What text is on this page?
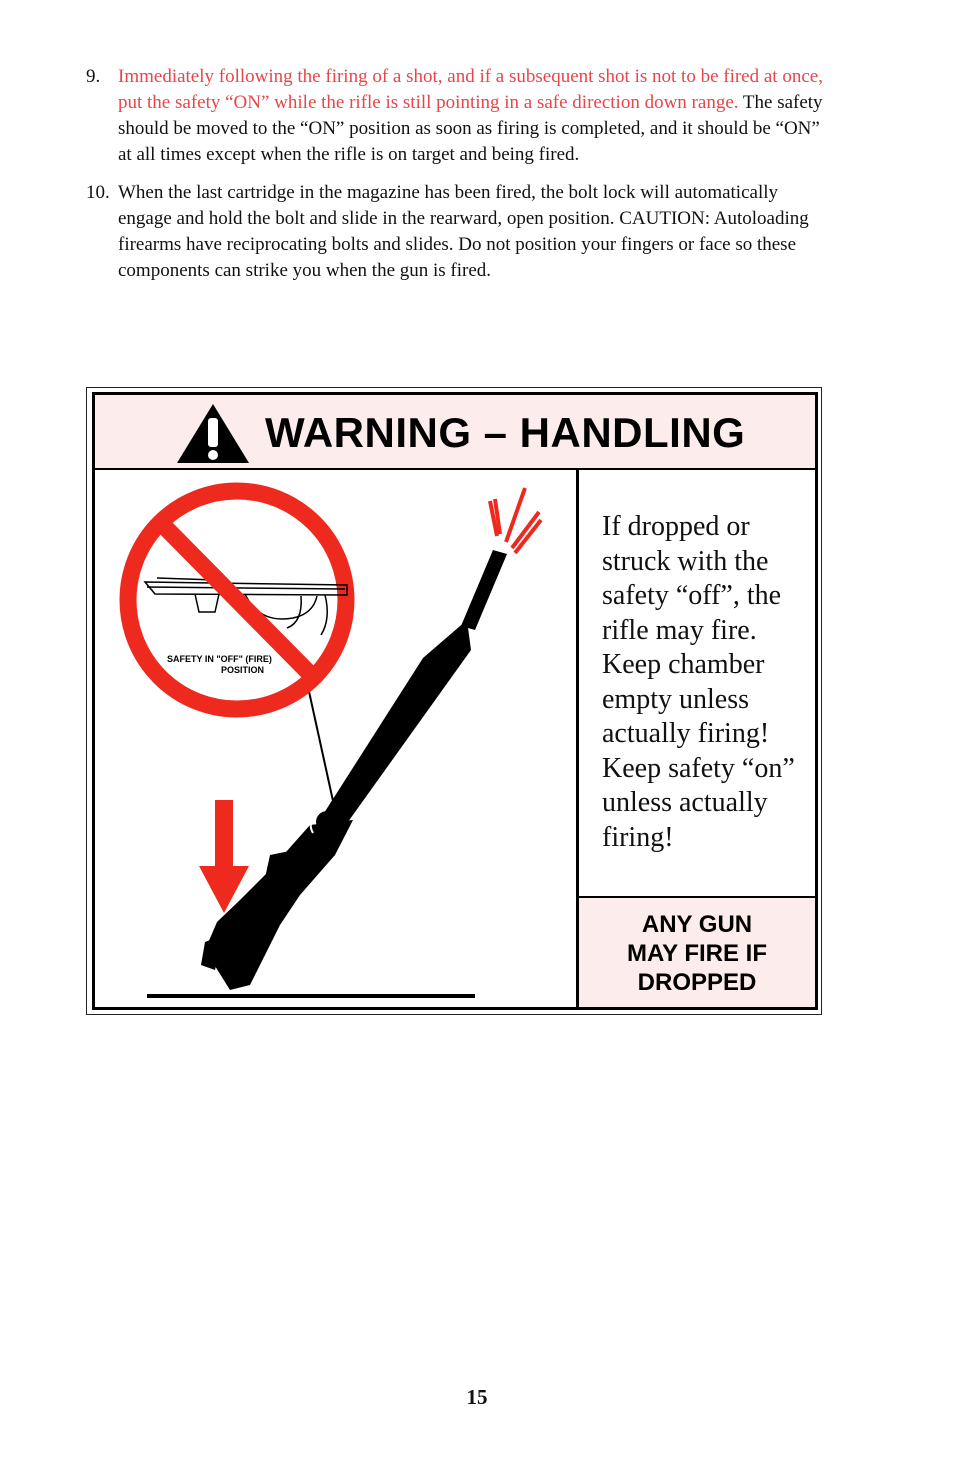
9. Immediately following the firing of a shot, and if a subsequent shot is not to be fired at once, put the safety “ON” while the rifle is still pointing in a safe direction down range. The safety should be moved to the “ON” position as soon as firing is completed, and it should be “ON” at all times except when the rifle is on target and being fired.
10. When the last cartridge in the magazine has been fired, the bolt lock will automatically engage and hold the bolt and slide in the rearward, open position. CAUTION: Autoloading firearms have reciprocating bolts and slides. Do not position your fingers or face so these components can strike you when the gun is fired.
WARNING – HANDLING
SAFETY IN "OFF" (FIRE)
POSITION
If dropped or struck with the safety “off”, the rifle may fire. Keep chamber empty unless actually firing! Keep safety “on” unless actually firing!
ANY GUN
MAY FIRE IF
DROPPED
15
